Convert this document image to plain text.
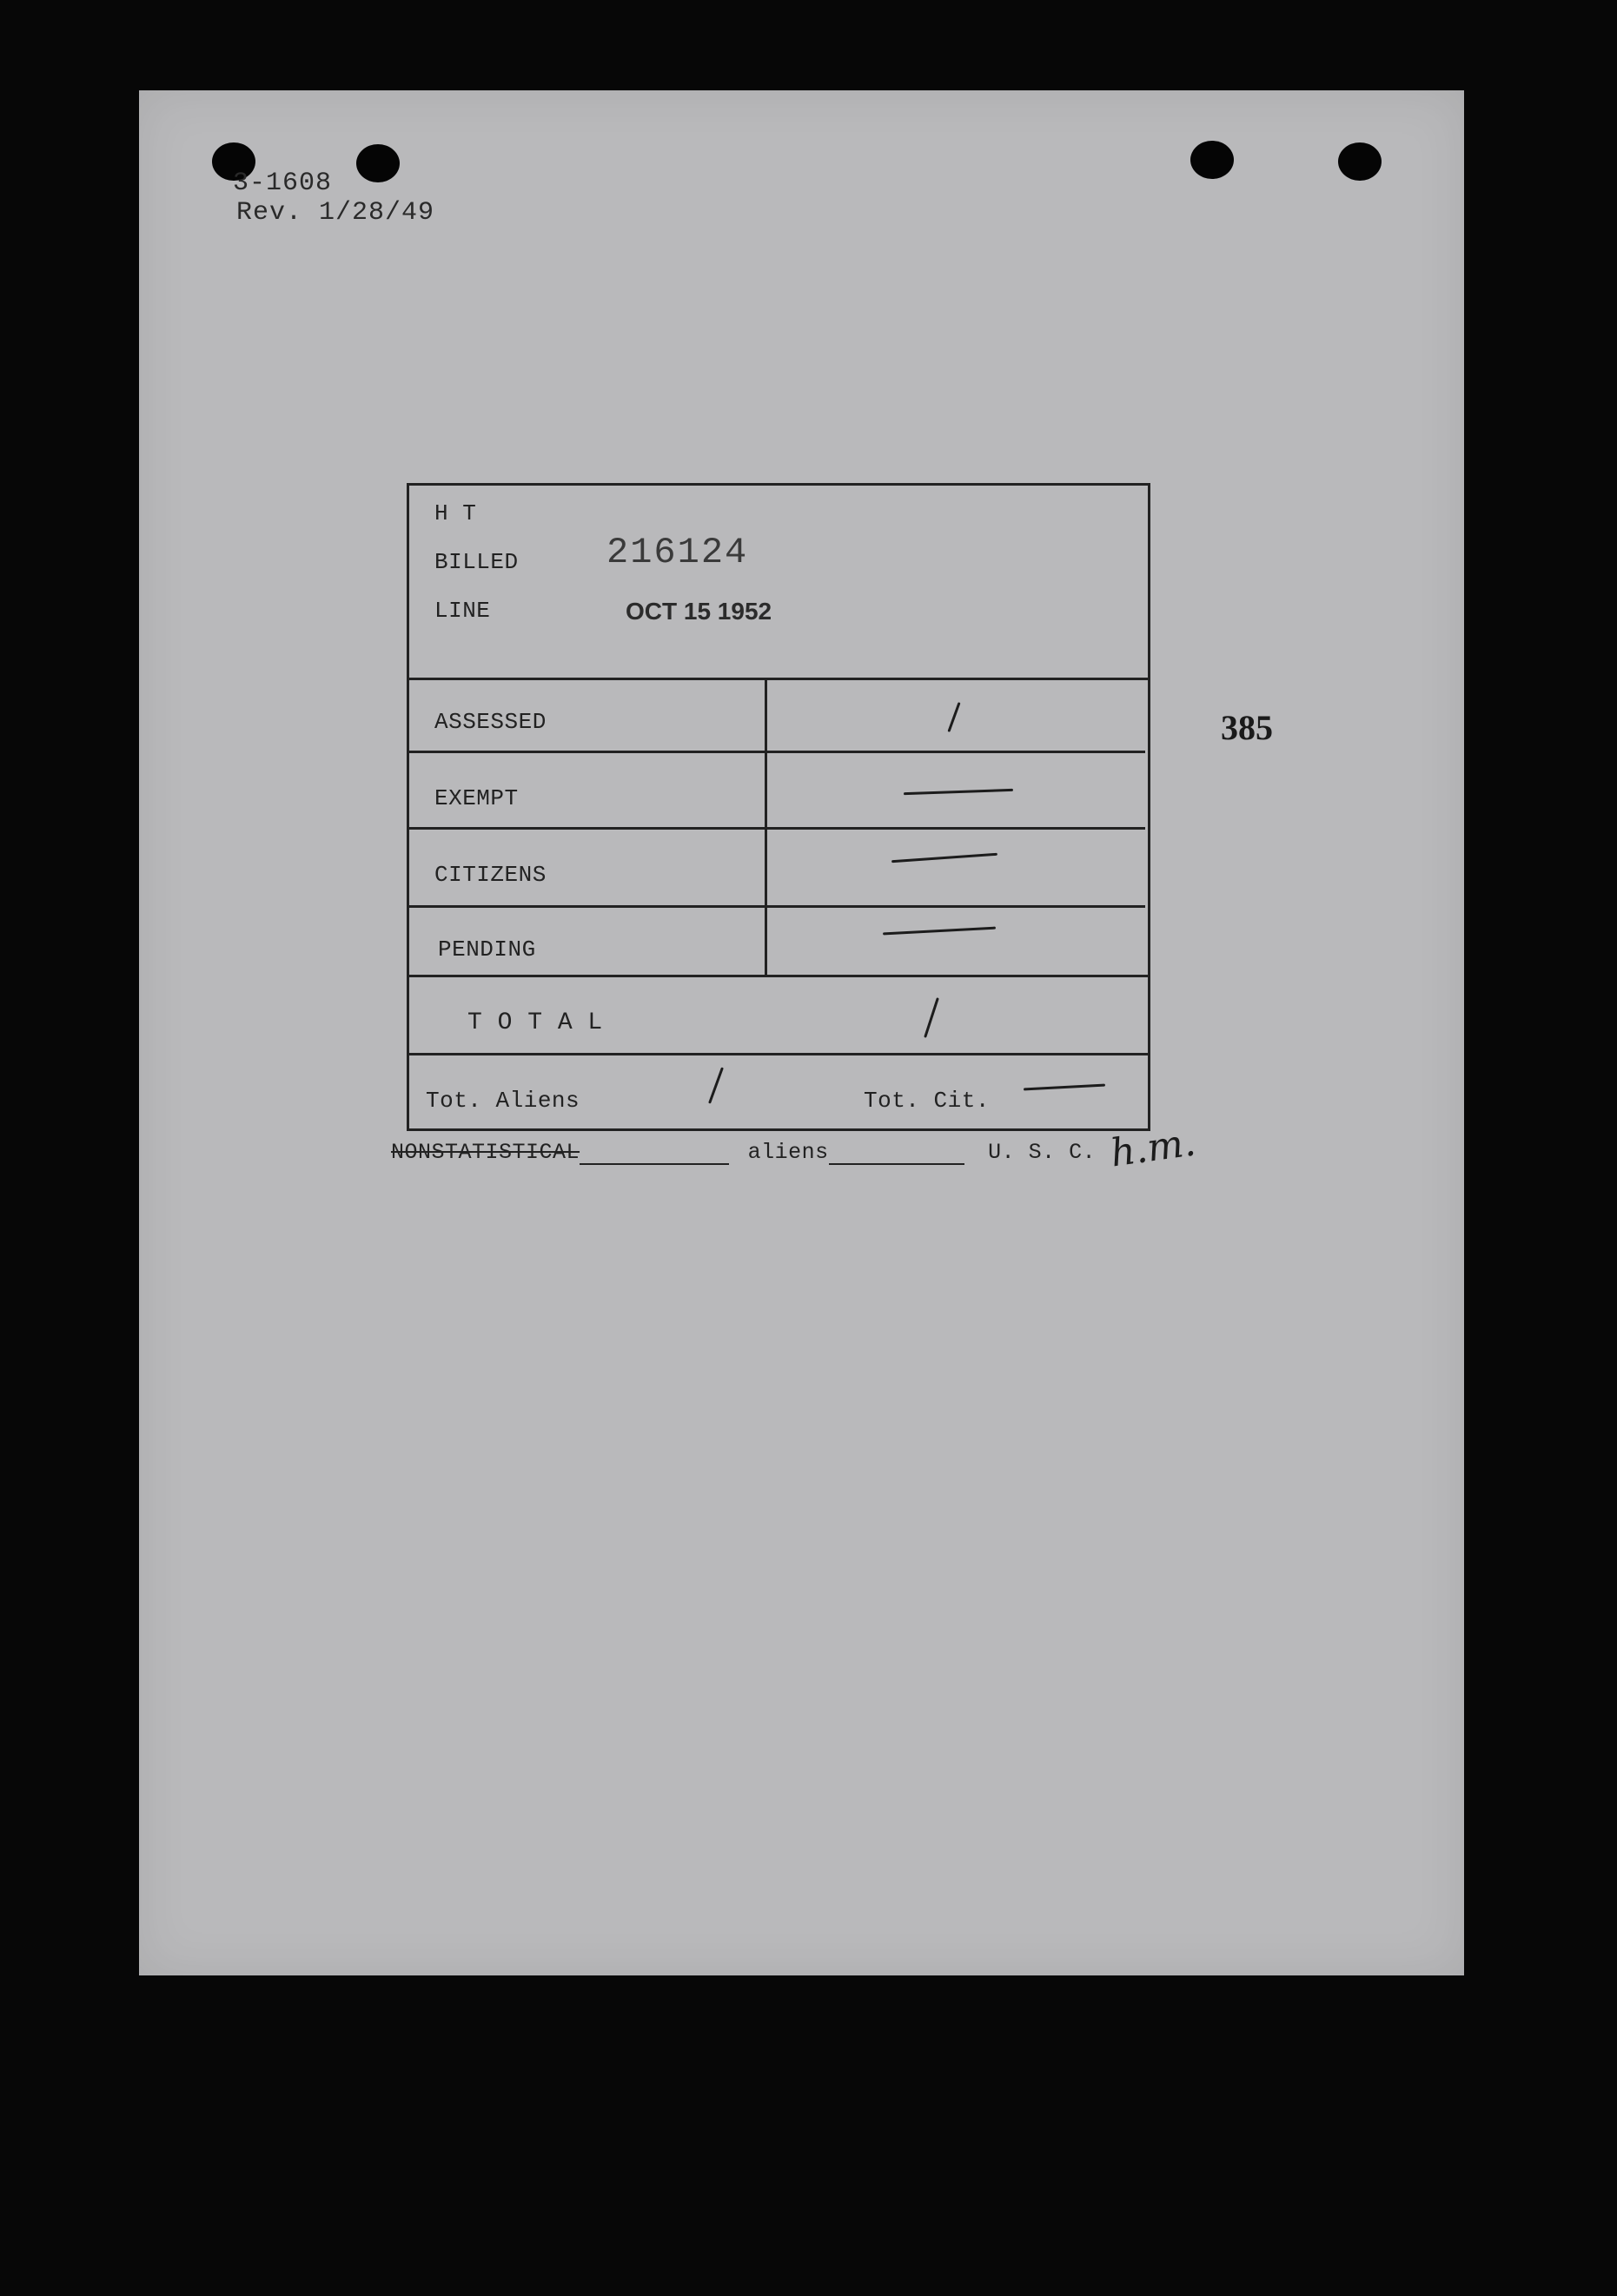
3-1608
Rev. 1/28/49
385
H T
BILLED 216124
LINE	OCT 15 1952
ASSESSED
EXEMPT
CITIZENS
PENDING
T O T A L
Tot. Aliens	Tot. Cit.
NONSTATISTICAL	aliens	U. S. C. h.m.
